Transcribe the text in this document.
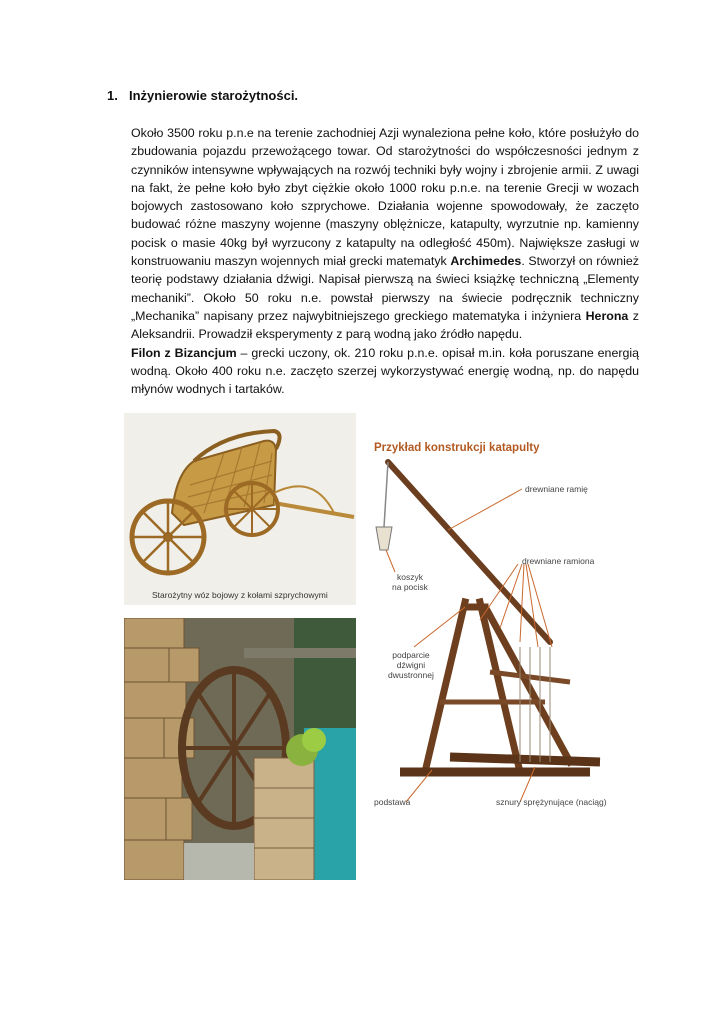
1. Inżynierowie starożytności.

Około 3500 roku p.n.e na terenie zachodniej Azji wynaleziona pełne koło, które posłużyło do zbudowania pojazdu przewożącego towar. Od starożytności do współczesności jednym z czynników intensywne wpływających na rozwój techniki były wojny i zbrojenie armii. Z uwagi na fakt, że pełne koło było zbyt ciężkie około 1000 roku p.n.e. na terenie Grecji w wozach bojowych zastosowano koło szprychowe. Działania wojenne spowodowały, że zaczęto budować różne maszyny wojenne (maszyny oblężnicze, katapulty, wyrzutnie np. kamienny pocisk o masie 40kg był wyrzucony z katapulty na odległość 450m). Największe zasługi w konstruowaniu maszyn wojennych miał grecki matematyk Archimedes. Stworzył on również teorię podstawy działania dźwigi. Napisał pierwszą na świeci książkę techniczną „Elementy mechaniki”. Około 50 roku n.e. powstał pierwszy na świecie podręcznik techniczny „Mechanika” napisany przez najwybitniejszego greckiego matematyka i inżyniera Herona z Aleksandrii. Prowadził eksperymenty z parą wodną jako źródło napędu.

Filon z Bizancjum – grecki uczony, ok. 210 roku p.n.e. opisał m.in. koła poruszane energią wodną. Około 400 roku n.e. zaczęto szerzej wykorzystywać energię wodną, np. do napędu młynów wodnych i tartaków.

Starożytny wóz bojowy z kołami szprychowymi
Przykład konstrukcji katapulty
drewniane ramię
drewniane ramiona
koszyk
na pocisk
podparcie
dźwigni
dwustronnej
podstawa	sznury sprężynujące (naciąg)
